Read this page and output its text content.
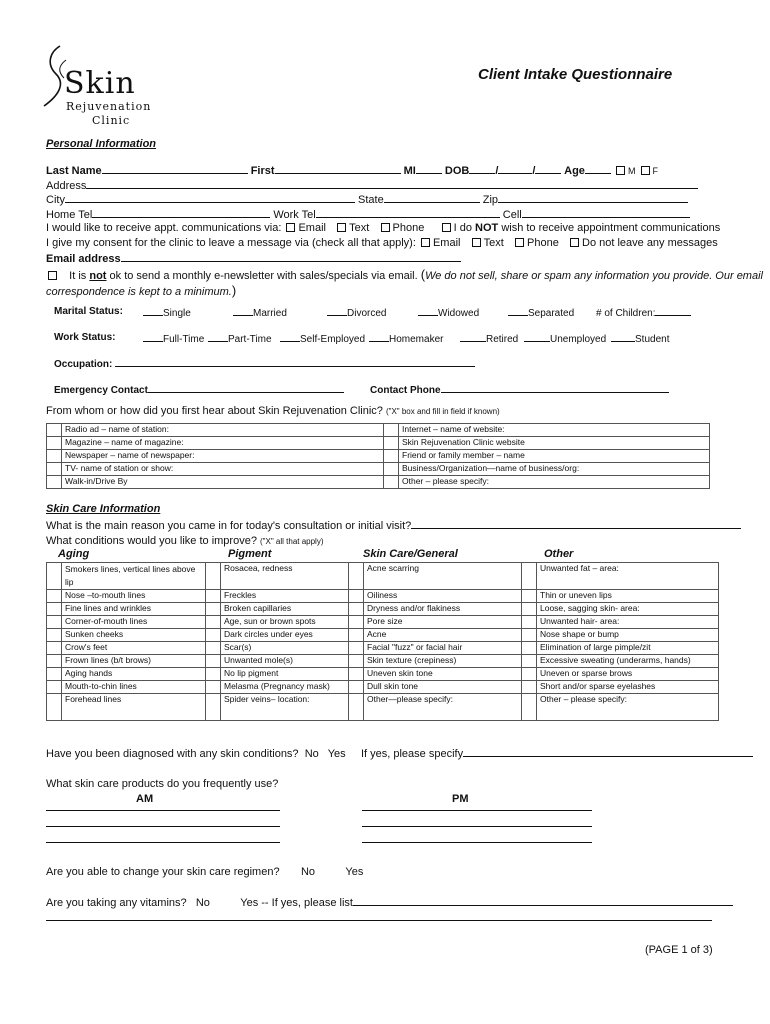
Skin
Rejuvenation
Clinic
Client Intake Questionnaire
Personal Information
Last Name	First	MI	DOB /	/	Age	M F
Address
City	State	Zip
Home Tel	Work Tel	Cell
I would like to receive appt. communications via: Email Text Phone	I do NOT wish to receive appointment communications
I give my consent for the clinic to leave a message via (check all that apply): Email Text Phone Do not leave any messages
Email address
It is not ok to send a monthly e-newsletter with sales/specials via email. (We do not sell, share or spam any information you provide. Our email
correspondence is kept to a minimum.)
Marital Status:	Single	Married	Divorced	Widowed	Separated # of Children:
Work Status:	Full-Time	Part-Time	Self-Employed	Homemaker	Retired	Unemployed	Student
Occupation:
Emergency Contact	Contact Phone
From whom or how did you first hear about Skin Rejuvenation Clinic? ("X" box and fill in field if known)
	Radio ad – name of station:		Internet – name of website:
	Magazine – name of magazine:		Skin Rejuvenation Clinic website
	Newspaper – name of newspaper:		Friend or family member – name
	TV- name of station or show:		Business/Organization—name of business/org:
	Walk-in/Drive By		Other – please specify:
Skin Care Information
What is the main reason you came in for today's consultation or initial visit?
What conditions would you like to improve? ("X" all that apply)
Aging	Pigment	Skin Care/General	Other
	Smokers lines, vertical lines above lip		Rosacea, redness		Acne scarring		Unwanted fat – area:
	Nose –to-mouth lines		Freckles		Oiliness		Thin or uneven lips
	Fine lines and wrinkles		Broken capillaries		Dryness and/or flakiness		Loose, sagging skin- area:
	Corner-of-mouth lines		Age, sun or brown spots		Pore size		Unwanted hair- area:
	Sunken cheeks		Dark circles under eyes		Acne		Nose shape or bump
	Crow's feet		Scar(s)		Facial "fuzz" or facial hair		Elimination of large pimple/zit
	Frown lines (b/t brows)		Unwanted mole(s)		Skin texture (crepiness)		Excessive sweating (underarms, hands)
	Aging hands		No lip pigment		Uneven skin tone		Uneven or sparse brows
	Mouth-to-chin lines		Melasma (Pregnancy mask)		Dull skin tone		Short and/or sparse eyelashes
	Forehead lines		Spider veins– location:		Other—please specify:		Other – please specify:
Have you been diagnosed with any skin conditions? No Yes If yes, please specify
What skin care products do you frequently use?
AM	PM
Are you able to change your skin care regimen? No	Yes
Are you taking any vitamins? No	Yes -- If yes, please list
(PAGE 1 of 3)
